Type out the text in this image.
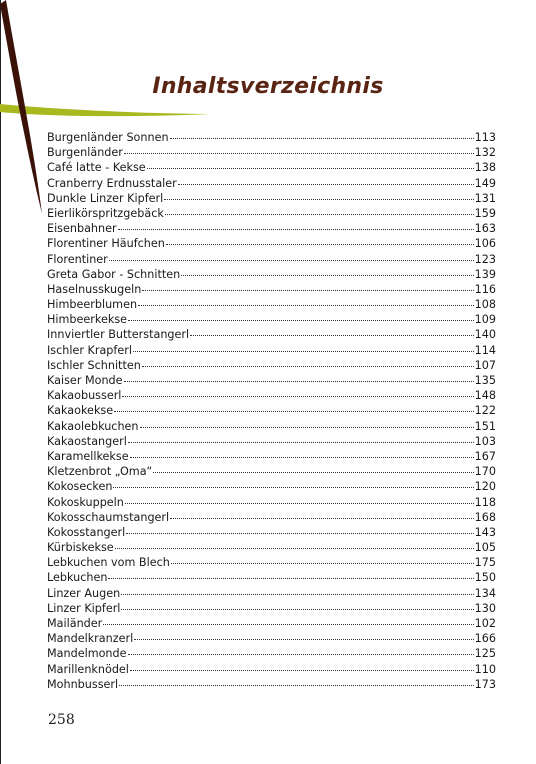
Inhaltsverzeichnis
Burgenländer Sonnen	113
Burgenländer	132
Café latte - Kekse	138
Cranberry Erdnusstaler	149
Dunkle Linzer Kipferl	131
Eierlikörspritzgebäck	159
Eisenbahner	163
Florentiner Häufchen	106
Florentiner	123
Greta Gabor - Schnitten	139
Haselnusskugeln	116
Himbeerblumen	108
Himbeerkekse	109
Innviertler Butterstangerl	140
Ischler Krapferl	114
Ischler Schnitten	107
Kaiser Monde	135
Kakaobusserl	148
Kakaokekse	122
Kakaolebkuchen	151
Kakaostangerl	103
Karamellkekse	167
Kletzenbrot „Oma“	170
Kokosecken	120
Kokoskuppeln	118
Kokosschaumstangerl	168
Kokosstangerl	143
Kürbiskekse	105
Lebkuchen vom Blech	175
Lebkuchen	150
Linzer Augen	134
Linzer Kipferl	130
Mailänder	102
Mandelkranzerl	166
Mandelmonde	125
Marillenknödel	110
Mohnbusserl	173
258
